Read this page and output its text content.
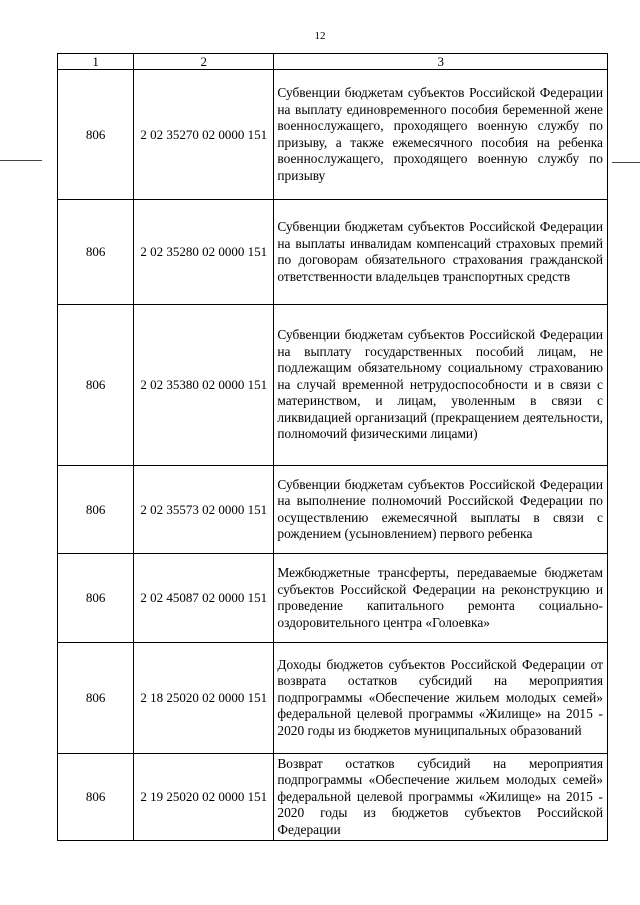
12
1	2	3
806	2 02 35270 02 0000 151	Субвенции бюджетам субъектов Российской Федерации на выплату единовременного пособия беременной жене военнослужащего, проходящего военную службу по призыву, а также ежемесячного пособия на ребенка военнослужащего, проходящего военную службу по призыву
806	2 02 35280 02 0000 151	Субвенции бюджетам субъектов Российской Федерации на выплаты инвалидам компенсаций страховых премий по договорам обязательного страхования гражданской ответственности владельцев транспортных средств
806	2 02 35380 02 0000 151	Субвенции бюджетам субъектов Российской Федерации на выплату государственных пособий лицам, не подлежащим обязательному социальному страхованию на случай временной нетрудоспособности и в связи с материнством, и лицам, уволенным в связи с ликвидацией организаций (прекращением деятельности, полномочий физическими лицами)
806	2 02 35573 02 0000 151	Субвенции бюджетам субъектов Российской Федерации на выполнение полномочий Российской Федерации по осуществлению ежемесячной выплаты в связи с рождением (усыновлением) первого ребенка
806	2 02 45087 02 0000 151	Межбюджетные трансферты, передаваемые бюджетам субъектов Российской Федерации на реконструкцию и проведение капитального ремонта социально-оздоровительного центра «Голоевка»
806	2 18 25020 02 0000 151	Доходы бюджетов субъектов Российской Федерации от возврата остатков субсидий на мероприятия подпрограммы «Обеспечение жильем молодых семей» федеральной целевой программы «Жилище» на 2015 - 2020 годы из бюджетов муниципальных образований
806	2 19 25020 02 0000 151	Возврат остатков субсидий на мероприятия подпрограммы «Обеспечение жильем молодых семей» федеральной целевой программы «Жилище» на 2015 - 2020 годы из бюджетов субъектов Российской Федерации
